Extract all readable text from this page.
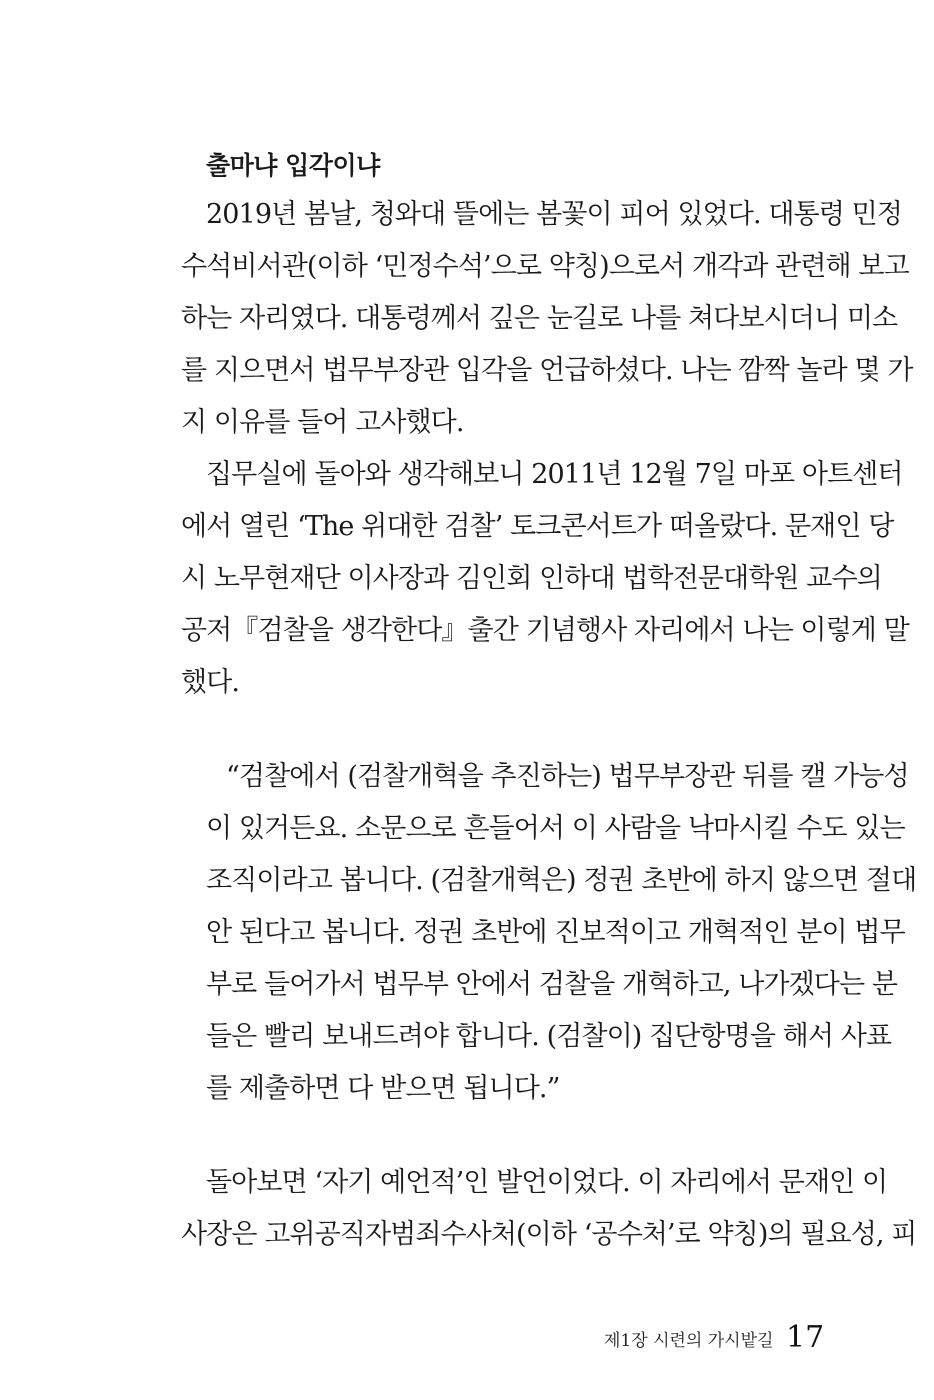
출마냐 입각이냐
2019년 봄날, 청와대 뜰에는 봄꽃이 피어 있었다. 대통령 민정
수석비서관(이하 ‘민정수석’으로 약칭)으로서 개각과 관련해 보고
하는 자리였다. 대통령께서 깊은 눈길로 나를 쳐다보시더니 미소
를 지으면서 법무부장관 입각을 언급하셨다. 나는 깜짝 놀라 몇 가
지 이유를 들어 고사했다.
집무실에 돌아와 생각해보니 2011년 12월 7일 마포 아트센터
에서 열린 ‘The 위대한 검찰’ 토크콘서트가 떠올랐다. 문재인 당
시 노무현재단 이사장과 김인회 인하대 법학전문대학원 교수의
공저『검찰을 생각한다』출간 기념행사 자리에서 나는 이렇게 말
했다.
“검찰에서 (검찰개혁을 추진하는) 법무부장관 뒤를 캘 가능성
이 있거든요. 소문으로 흔들어서 이 사람을 낙마시킬 수도 있는
조직이라고 봅니다. (검찰개혁은) 정권 초반에 하지 않으면 절대
안 된다고 봅니다. 정권 초반에 진보적이고 개혁적인 분이 법무
부로 들어가서 법무부 안에서 검찰을 개혁하고, 나가겠다는 분
들은 빨리 보내드려야 합니다. (검찰이) 집단항명을 해서 사표
를 제출하면 다 받으면 됩니다.”
돌아보면 ‘자기 예언적’인 발언이었다. 이 자리에서 문재인 이
사장은 고위공직자범죄수사처(이하 ‘공수처’로 약칭)의 필요성, 피
제1장 시련의 가시밭길 17
